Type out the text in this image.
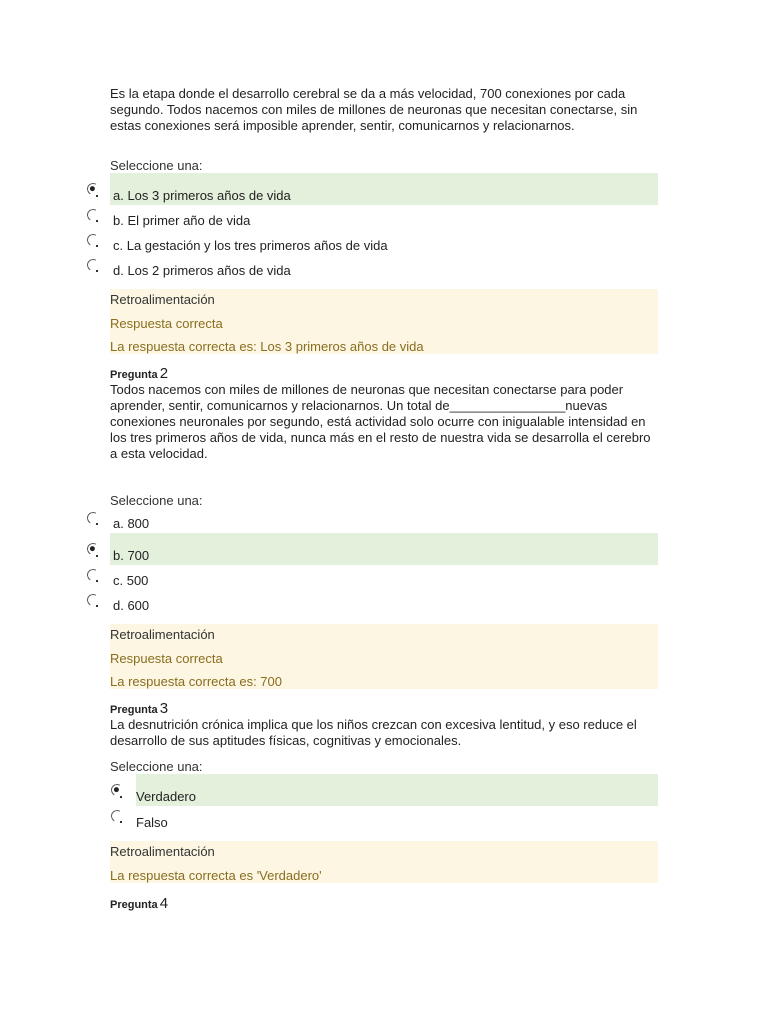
Es la etapa donde el desarrollo cerebral se da a más velocidad, 700 conexiones por cada segundo. Todos nacemos con miles de millones de neuronas que necesitan conectarse, sin estas conexiones será imposible aprender, sentir, comunicarnos y relacionarnos.
Seleccione una:
a. Los 3 primeros años de vida
b. El primer año de vida
c. La gestación y los tres primeros años de vida
d. Los 2 primeros años de vida
Retroalimentación
Respuesta correcta
La respuesta correcta es: Los 3 primeros años de vida
Pregunta 2
Todos nacemos con miles de millones de neuronas que necesitan conectarse para poder aprender, sentir, comunicarnos y relacionarnos. Un total de________________nuevas conexiones neuronales por segundo, está actividad solo ocurre con inigualable intensidad en los tres primeros años de vida, nunca más en el resto de nuestra vida se desarrolla el cerebro a esta velocidad.
Seleccione una:
a. 800
b. 700
c. 500
d. 600
Retroalimentación
Respuesta correcta
La respuesta correcta es: 700
Pregunta 3
La desnutrición crónica implica que los niños crezcan con excesiva lentitud, y eso reduce el desarrollo de sus aptitudes físicas, cognitivas y emocionales.
Seleccione una:
Verdadero
Falso
Retroalimentación
La respuesta correcta es 'Verdadero'
Pregunta 4
